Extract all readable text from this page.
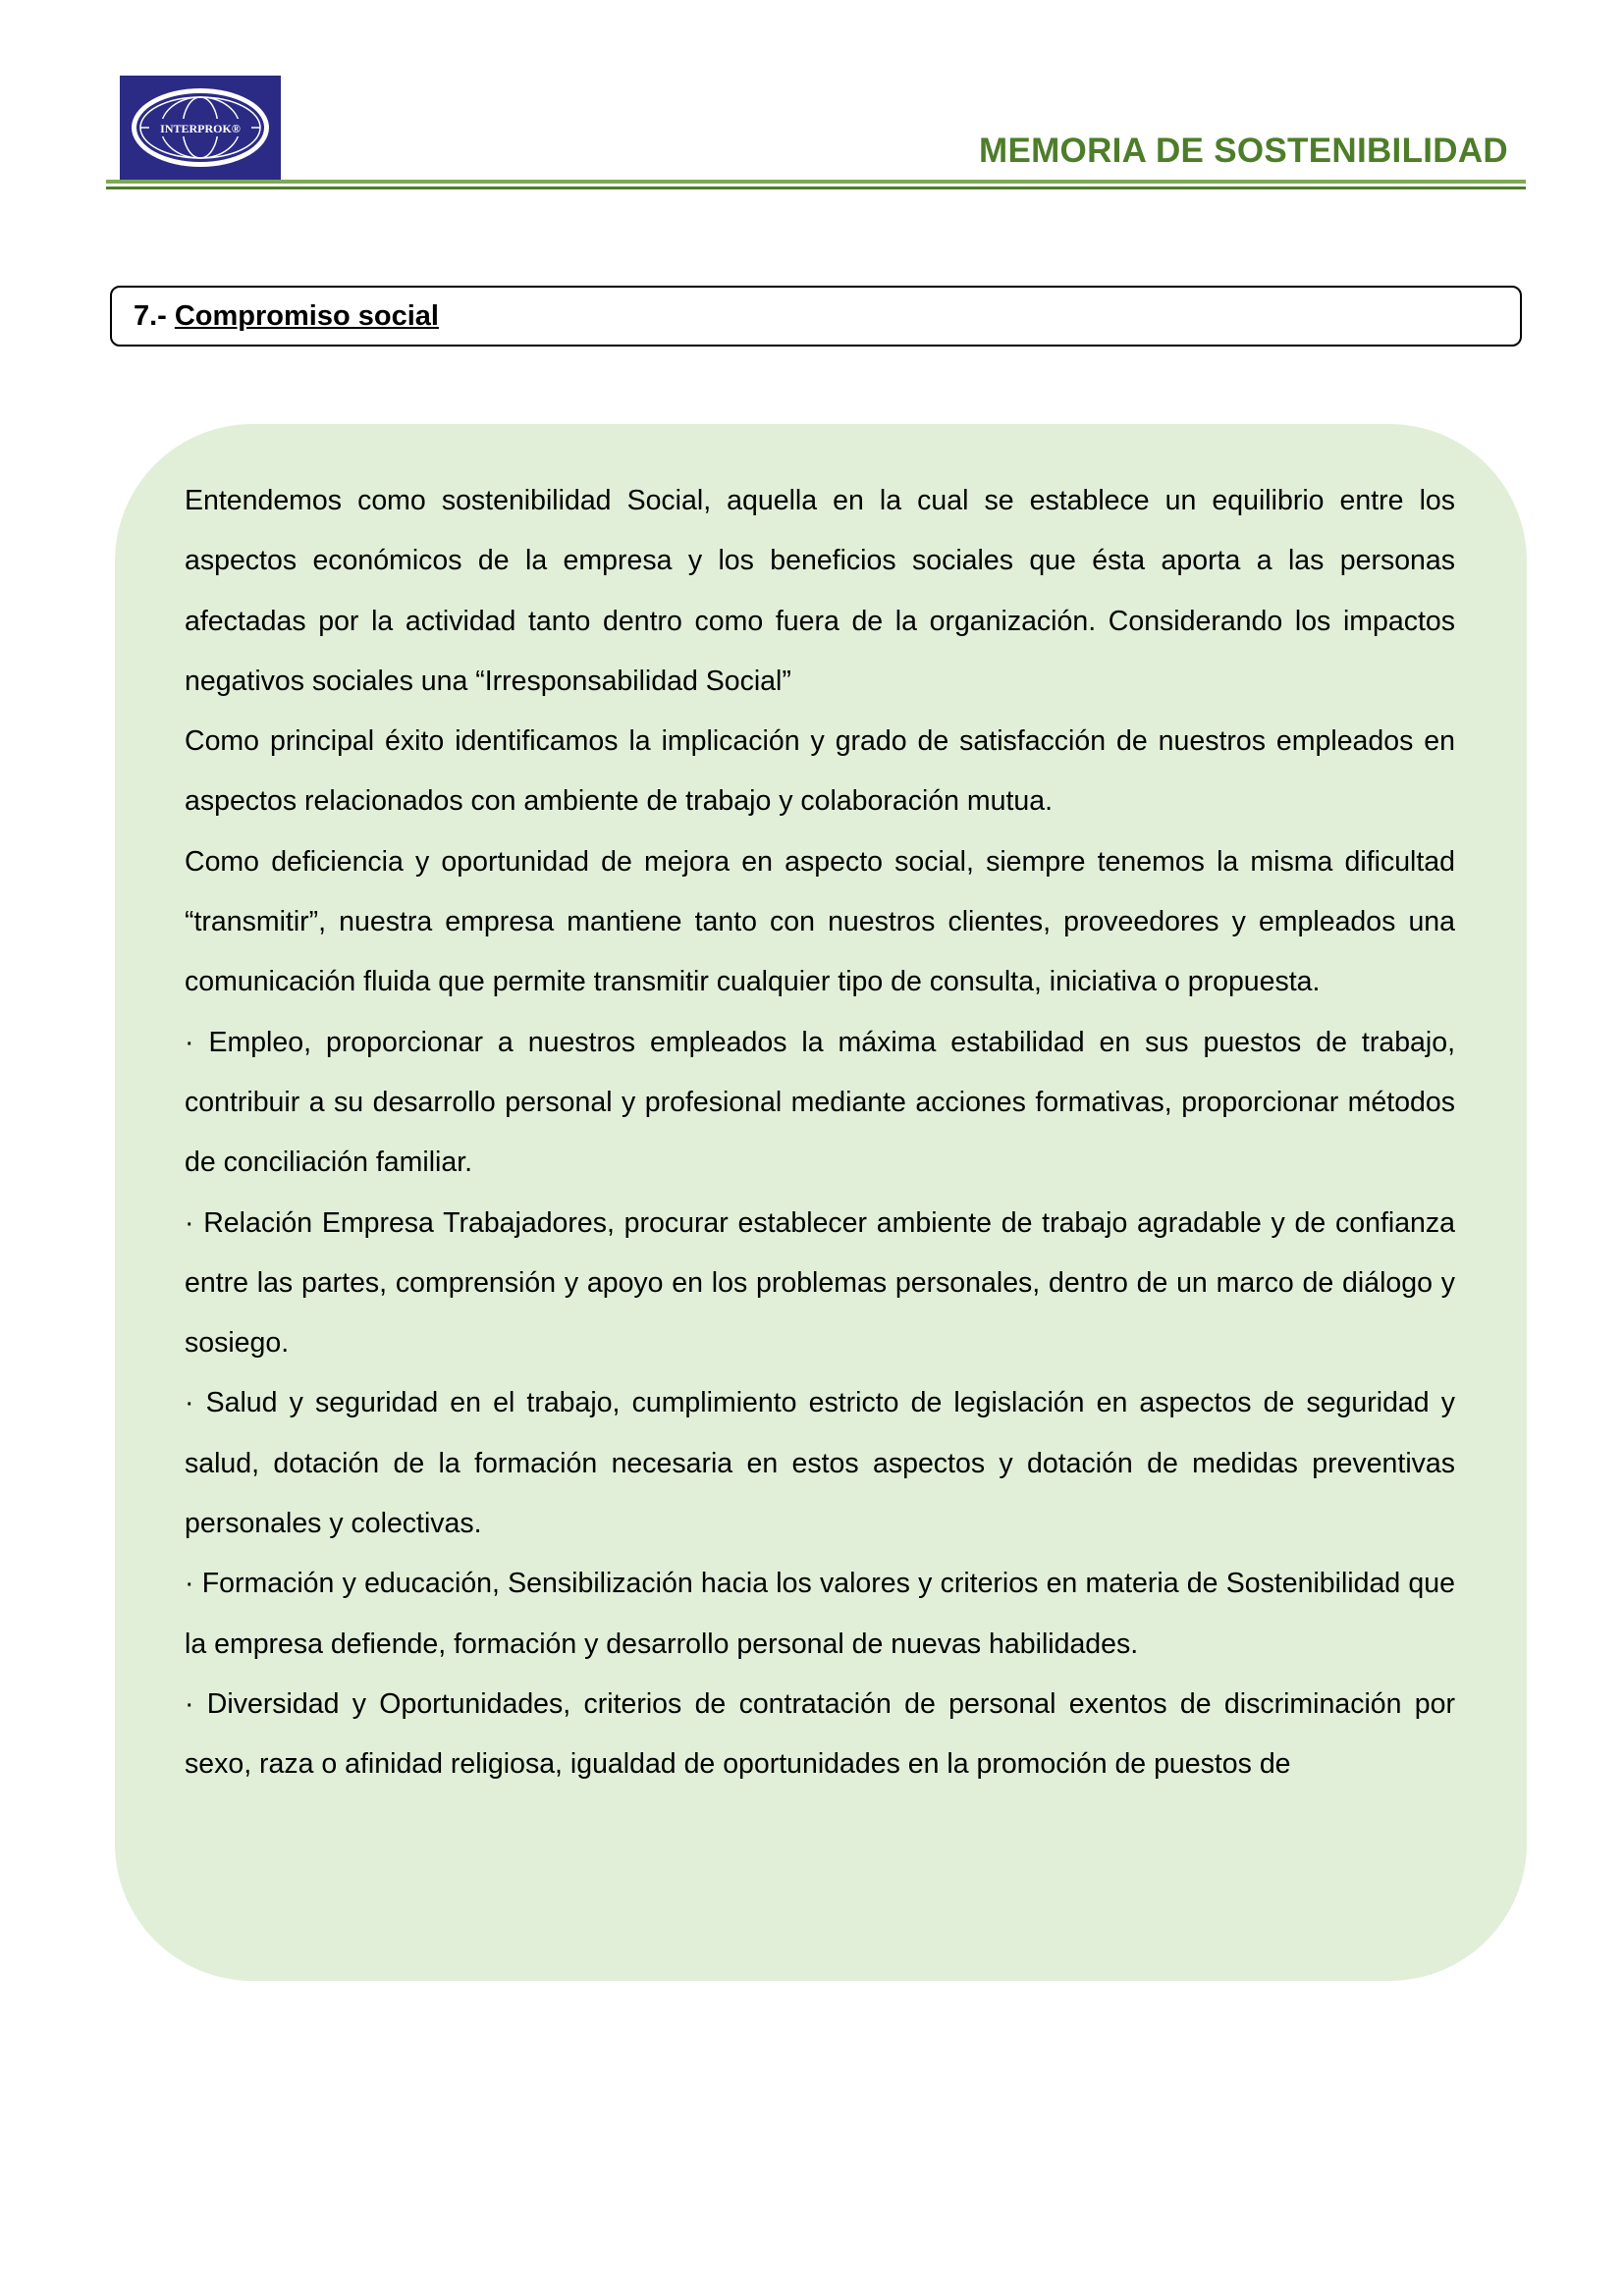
INTERPROK®
MEMORIA DE SOSTENIBILIDAD
7.- Compromiso social

Entendemos como sostenibilidad Social, aquella en la cual se establece un equilibrio entre los aspectos económicos de la empresa y los beneficios sociales que ésta aporta a las personas afectadas por la actividad tanto dentro como fuera de la organización. Considerando los impactos negativos sociales una “Irresponsabilidad Social”

Como principal éxito identificamos la implicación y grado de satisfacción de nuestros empleados en aspectos relacionados con ambiente de trabajo y colaboración mutua.

Como deficiencia y oportunidad de mejora en aspecto social, siempre tenemos la misma dificultad “transmitir”, nuestra empresa mantiene tanto con nuestros clientes, proveedores y empleados una comunicación fluida que permite transmitir cualquier tipo de consulta, iniciativa o propuesta.

· Empleo, proporcionar a nuestros empleados la máxima estabilidad en sus puestos de trabajo, contribuir a su desarrollo personal y profesional mediante acciones formativas, proporcionar métodos de conciliación familiar.

· Relación Empresa Trabajadores, procurar establecer ambiente de trabajo agradable y de confianza entre las partes, comprensión y apoyo en los problemas personales, dentro de un marco de diálogo y sosiego.

· Salud y seguridad en el trabajo, cumplimiento estricto de legislación en aspectos de seguridad y salud, dotación de la formación necesaria en estos aspectos y dotación de medidas preventivas personales y colectivas.

· Formación y educación, Sensibilización hacia los valores y criterios en materia de Sostenibilidad que la empresa defiende, formación y desarrollo personal de nuevas habilidades.

· Diversidad y Oportunidades, criterios de contratación de personal exentos de discriminación por sexo, raza o afinidad religiosa, igualdad de oportunidades en la promoción de puestos de
